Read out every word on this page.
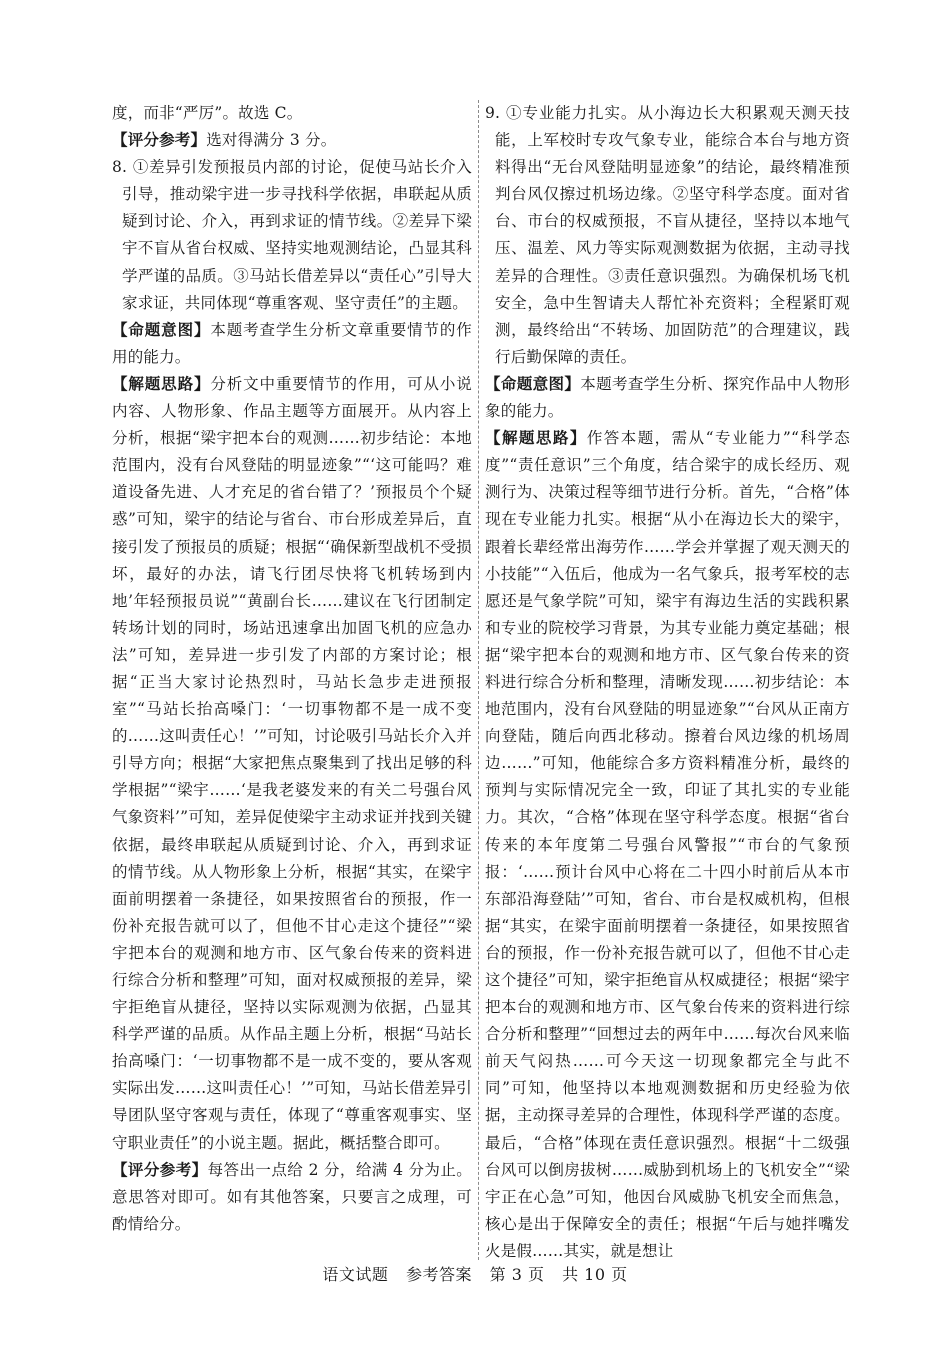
度，而非“严厉”。故选 C。

【评分参考】选对得满分 3 分。

8. ①差异引发预报员内部的讨论，促使马站长介入引导，推动梁宇进一步寻找科学依据，串联起从质疑到讨论、介入，再到求证的情节线。②差异下梁宇不盲从省台权威、坚持实地观测结论，凸显其科学严谨的品质。③马站长借差异以“责任心”引导大家求证，共同体现“尊重客观、坚守责任”的主题。

【命题意图】本题考查学生分析文章重要情节的作用的能力。

【解题思路】分析文中重要情节的作用，可从小说内容、人物形象、作品主题等方面展开。从内容上分析，根据“梁宇把本台的观测……初步结论：本地范围内，没有台风登陆的明显迹象”“‘这可能吗？难道设备先进、人才充足的省台错了？’预报员个个疑惑”可知，梁宇的结论与省台、市台形成差异后，直接引发了预报员的质疑；根据“‘确保新型战机不受损坏，最好的办法，请飞行团尽快将飞机转场到内地’年轻预报员说”“黄副台长……建议在飞行团制定转场计划的同时，场站迅速拿出加固飞机的应急办法”可知，差异进一步引发了内部的方案讨论；根据“正当大家讨论热烈时，马站长急步走进预报室”“马站长抬高嗓门：‘一切事物都不是一成不变的……这叫责任心！’”可知，讨论吸引马站长介入并引导方向；根据“大家把焦点聚集到了找出足够的科学根据”“梁宇……‘是我老婆发来的有关二号强台风气象资料’”可知，差异促使梁宇主动求证并找到关键依据，最终串联起从质疑到讨论、介入，再到求证的情节线。从人物形象上分析，根据“其实，在梁宇面前明摆着一条捷径，如果按照省台的预报，作一份补充报告就可以了，但他不甘心走这个捷径”“梁宇把本台的观测和地方市、区气象台传来的资料进行综合分析和整理”可知，面对权威预报的差异，梁宇拒绝盲从捷径，坚持以实际观测为依据，凸显其科学严谨的品质。从作品主题上分析，根据“马站长抬高嗓门：‘一切事物都不是一成不变的，要从客观实际出发……这叫责任心！’”可知，马站长借差异引导团队坚守客观与责任，体现了“尊重客观事实、坚守职业责任”的小说主题。据此，概括整合即可。

【评分参考】每答出一点给 2 分，给满 4 分为止。意思答对即可。如有其他答案，只要言之成理，可酌情给分。

9. ①专业能力扎实。从小海边长大积累观天测天技能，上军校时专攻气象专业，能综合本台与地方资料得出“无台风登陆明显迹象”的结论，最终精准预判台风仅擦过机场边缘。②坚守科学态度。面对省台、市台的权威预报，不盲从捷径，坚持以本地气压、温差、风力等实际观测数据为依据，主动寻找差异的合理性。③责任意识强烈。为确保机场飞机安全，急中生智请夫人帮忙补充资料；全程紧盯观测，最终给出“不转场、加固防范”的合理建议，践行后勤保障的责任。

【命题意图】本题考查学生分析、探究作品中人物形象的能力。

【解题思路】作答本题，需从“专业能力”“科学态度”“责任意识”三个角度，结合梁宇的成长经历、观测行为、决策过程等细节进行分析。首先，“合格”体现在专业能力扎实。根据“从小在海边长大的梁宇，跟着长辈经常出海劳作……学会并掌握了观天测天的小技能”“入伍后，他成为一名气象兵，报考军校的志愿还是气象学院”可知，梁宇有海边生活的实践积累和专业的院校学习背景，为其专业能力奠定基础；根据“梁宇把本台的观测和地方市、区气象台传来的资料进行综合分析和整理，清晰发现……初步结论：本地范围内，没有台风登陆的明显迹象”“台风从正南方向登陆，随后向西北移动。擦着台风边缘的机场周边……”可知，他能综合多方资料精准分析，最终的预判与实际情况完全一致，印证了其扎实的专业能力。其次，“合格”体现在坚守科学态度。根据“省台传来的本年度第二号强台风警报”“市台的气象预报：‘……预计台风中心将在二十四小时前后从本市东部沿海登陆’”可知，省台、市台是权威机构，但根据“其实，在梁宇面前明摆着一条捷径，如果按照省台的预报，作一份补充报告就可以了，但他不甘心走这个捷径”可知，梁宇拒绝盲从权威捷径；根据“梁宇把本台的观测和地方市、区气象台传来的资料进行综合分析和整理”“回想过去的两年中……每次台风来临前天气闷热……可今天这一切现象都完全与此不同”可知，他坚持以本地观测数据和历史经验为依据，主动探寻差异的合理性，体现科学严谨的态度。最后，“合格”体现在责任意识强烈。根据“十二级强台风可以倒房拔树……威胁到机场上的飞机安全”“梁宇正在心急”可知，他因台风威胁飞机安全而焦急，核心是出于保障安全的责任；根据“午后与她拌嘴发火是假……其实，就是想让

语文试题 参考答案 第 3 页 共 10 页
